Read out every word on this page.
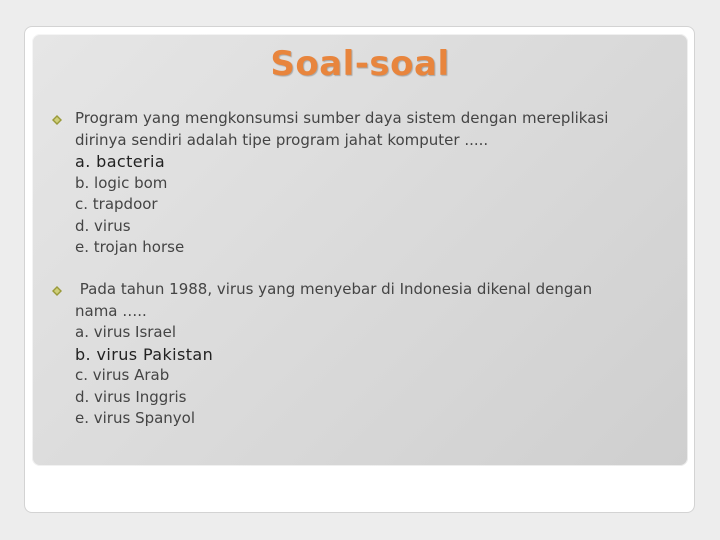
Soal-soal
Program yang mengkonsumsi sumber daya sistem dengan mereplikasi
dirinya sendiri adalah tipe program jahat komputer .....
a. bacteria
b. logic bom
c. trapdoor
d. virus
e. trojan horse
Pada tahun 1988, virus yang menyebar di Indonesia dikenal dengan
nama …..
a. virus Israel
b. virus Pakistan
c. virus Arab
d. virus Inggris
e. virus Spanyol
